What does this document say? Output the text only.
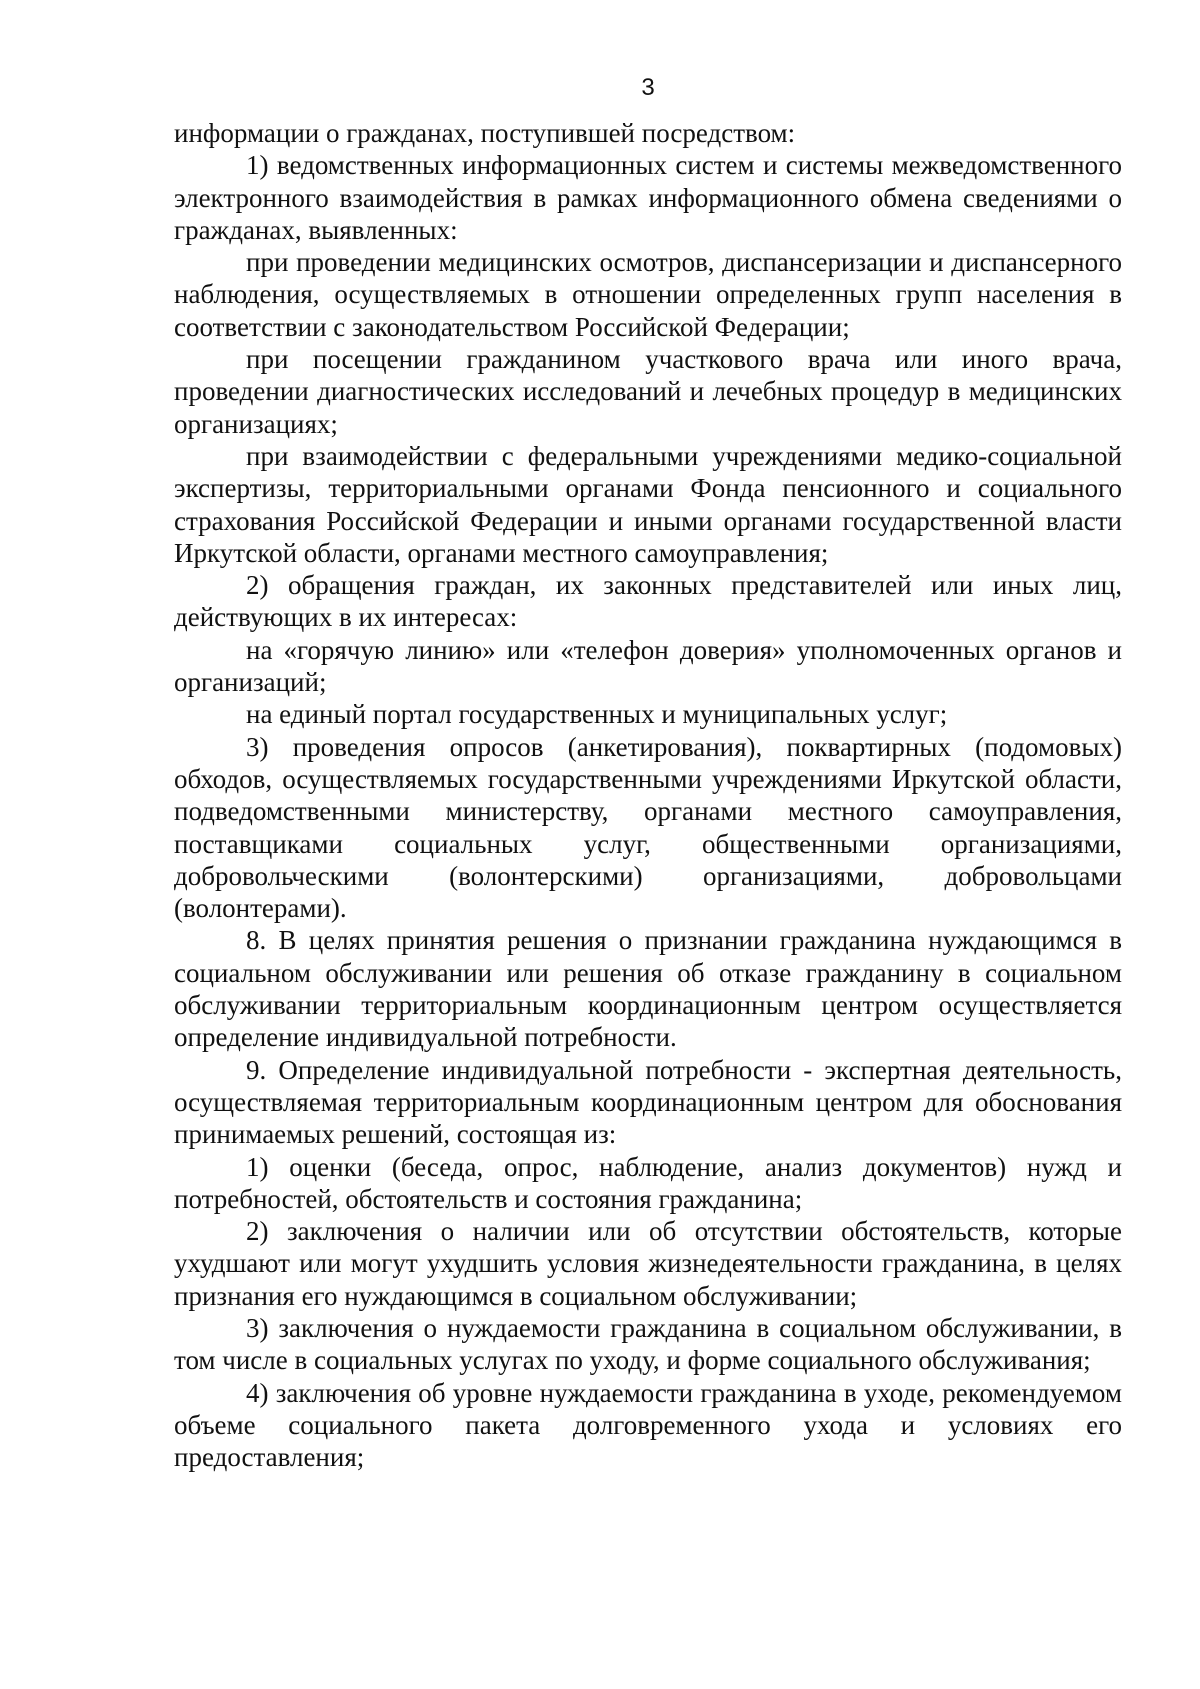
3

информации о гражданах, поступившей посредством:

1) ведомственных информационных систем и системы межведомственного электронного взаимодействия в рамках информационного обмена сведениями о гражданах, выявленных:

при проведении медицинских осмотров, диспансеризации и диспансерного наблюдения, осуществляемых в отношении определенных групп населения в соответствии с законодательством Российской Федерации;

при посещении гражданином участкового врача или иного врача, проведении диагностических исследований и лечебных процедур в медицинских организациях;

при взаимодействии с федеральными учреждениями медико-социальной экспертизы, территориальными органами Фонда пенсионного и социального страхования Российской Федерации и иными органами государственной власти Иркутской области, органами местного самоуправления;

2) обращения граждан, их законных представителей или иных лиц, действующих в их интересах:

на «горячую линию» или «телефон доверия» уполномоченных органов и организаций;

на единый портал государственных и муниципальных услуг;

3) проведения опросов (анкетирования), поквартирных (подомовых) обходов, осуществляемых государственными учреждениями Иркутской области, подведомственными министерству, органами местного самоуправления, поставщиками социальных услуг, общественными организациями, добровольческими (волонтерскими) организациями, добровольцами (волонтерами).

8. В целях принятия решения о признании гражданина нуждающимся в социальном обслуживании или решения об отказе гражданину в социальном обслуживании территориальным координационным центром осуществляется определение индивидуальной потребности.

9. Определение индивидуальной потребности - экспертная деятельность, осуществляемая территориальным координационным центром для обоснования принимаемых решений, состоящая из:

1) оценки (беседа, опрос, наблюдение, анализ документов) нужд и потребностей, обстоятельств и состояния гражданина;

2) заключения о наличии или об отсутствии обстоятельств, которые ухудшают или могут ухудшить условия жизнедеятельности гражданина, в целях признания его нуждающимся в социальном обслуживании;

3) заключения о нуждаемости гражданина в социальном обслуживании, в том числе в социальных услугах по уходу, и форме социального обслуживания;

4) заключения об уровне нуждаемости гражданина в уходе, рекомендуемом объеме социального пакета долговременного ухода и условиях его предоставления;
